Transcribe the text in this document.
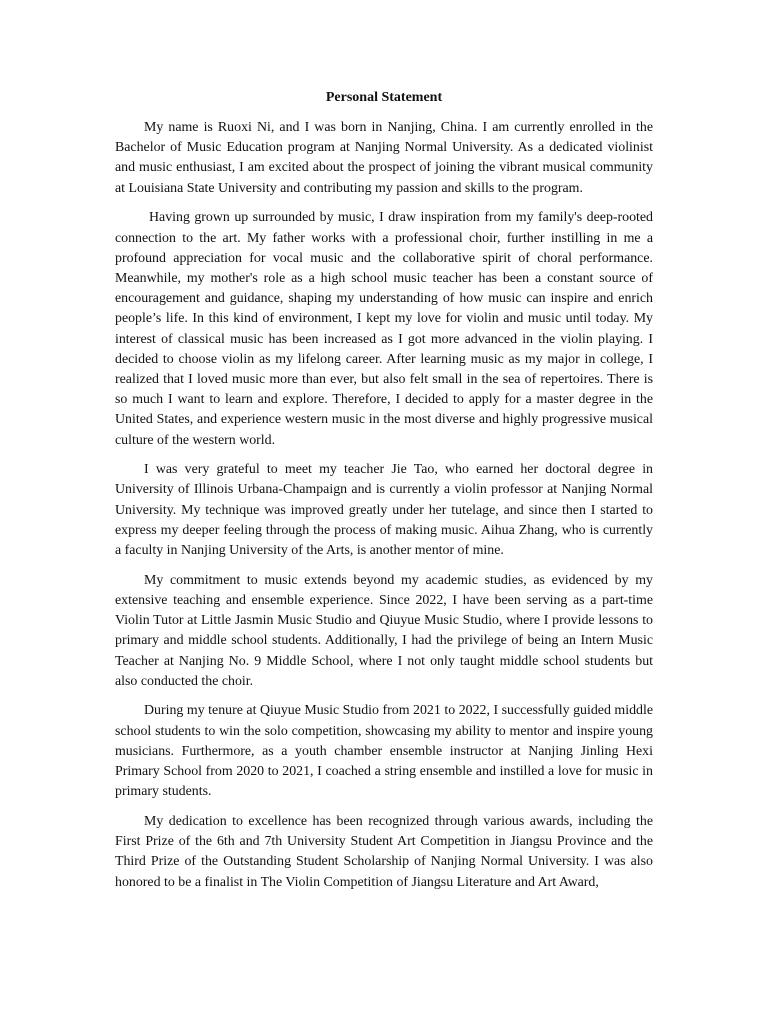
Personal Statement

My name is Ruoxi Ni, and I was born in Nanjing, China. I am currently enrolled in the Bachelor of Music Education program at Nanjing Normal University. As a dedicated violinist and music enthusiast, I am excited about the prospect of joining the vibrant musical community at Louisiana State University and contributing my passion and skills to the program.

Having grown up surrounded by music, I draw inspiration from my family's deep-rooted connection to the art. My father works with a professional choir, further instilling in me a profound appreciation for vocal music and the collaborative spirit of choral performance. Meanwhile, my mother's role as a high school music teacher has been a constant source of encouragement and guidance, shaping my understanding of how music can inspire and enrich people’s life. In this kind of environment, I kept my love for violin and music until today. My interest of classical music has been increased as I got more advanced in the violin playing. I decided to choose violin as my lifelong career. After learning music as my major in college, I realized that I loved music more than ever, but also felt small in the sea of repertoires. There is so much I want to learn and explore. Therefore, I decided to apply for a master degree in the United States, and experience western music in the most diverse and highly progressive musical culture of the western world.

I was very grateful to meet my teacher Jie Tao, who earned her doctoral degree in University of Illinois Urbana-Champaign and is currently a violin professor at Nanjing Normal University. My technique was improved greatly under her tutelage, and since then I started to express my deeper feeling through the process of making music. Aihua Zhang, who is currently a faculty in Nanjing University of the Arts, is another mentor of mine.

My commitment to music extends beyond my academic studies, as evidenced by my extensive teaching and ensemble experience. Since 2022, I have been serving as a part-time Violin Tutor at Little Jasmin Music Studio and Qiuyue Music Studio, where I provide lessons to primary and middle school students. Additionally, I had the privilege of being an Intern Music Teacher at Nanjing No. 9 Middle School, where I not only taught middle school students but also conducted the choir.

During my tenure at Qiuyue Music Studio from 2021 to 2022, I successfully guided middle school students to win the solo competition, showcasing my ability to mentor and inspire young musicians. Furthermore, as a youth chamber ensemble instructor at Nanjing Jinling Hexi Primary School from 2020 to 2021, I coached a string ensemble and instilled a love for music in primary students.

My dedication to excellence has been recognized through various awards, including the First Prize of the 6th and 7th University Student Art Competition in Jiangsu Province and the Third Prize of the Outstanding Student Scholarship of Nanjing Normal University. I was also honored to be a finalist in The Violin Competition of Jiangsu Literature and Art Award,
